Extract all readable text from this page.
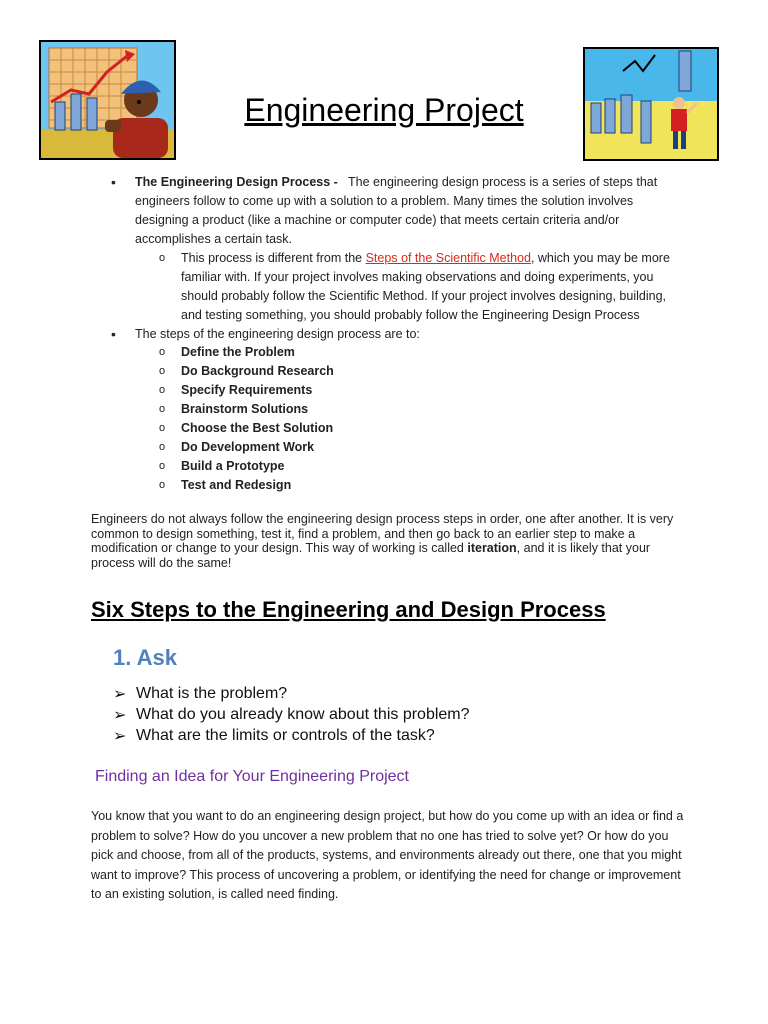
Engineering Project
• The Engineering Design Process - The engineering design process is a series of steps that engineers follow to come up with a solution to a problem. Many times the solution involves designing a product (like a machine or computer code) that meets certain criteria and/or accomplishes a certain task.
o This process is different from the Steps of the Scientific Method, which you may be more familiar with. If your project involves making observations and doing experiments, you should probably follow the Scientific Method. If your project involves designing, building, and testing something, you should probably follow the Engineering Design Process
• The steps of the engineering design process are to:
o Define the Problem
o Do Background Research
o Specify Requirements
o Brainstorm Solutions
o Choose the Best Solution
o Do Development Work
o Build a Prototype
o Test and Redesign
Engineers do not always follow the engineering design process steps in order, one after another. It is very common to design something, test it, find a problem, and then go back to an earlier step to make a modification or change to your design. This way of working is called iteration, and it is likely that your process will do the same!
Six Steps to the Engineering and Design Process
1. Ask
➢ What is the problem?
➢ What do you already know about this problem?
➢ What are the limits or controls of the task?
Finding an Idea for Your Engineering Project
You know that you want to do an engineering design project, but how do you come up with an idea or find a problem to solve? How do you uncover a new problem that no one has tried to solve yet? Or how do you pick and choose, from all of the products, systems, and environments already out there, one that you might want to improve? This process of uncovering a problem, or identifying the need for change or improvement to an existing solution, is called need finding.
